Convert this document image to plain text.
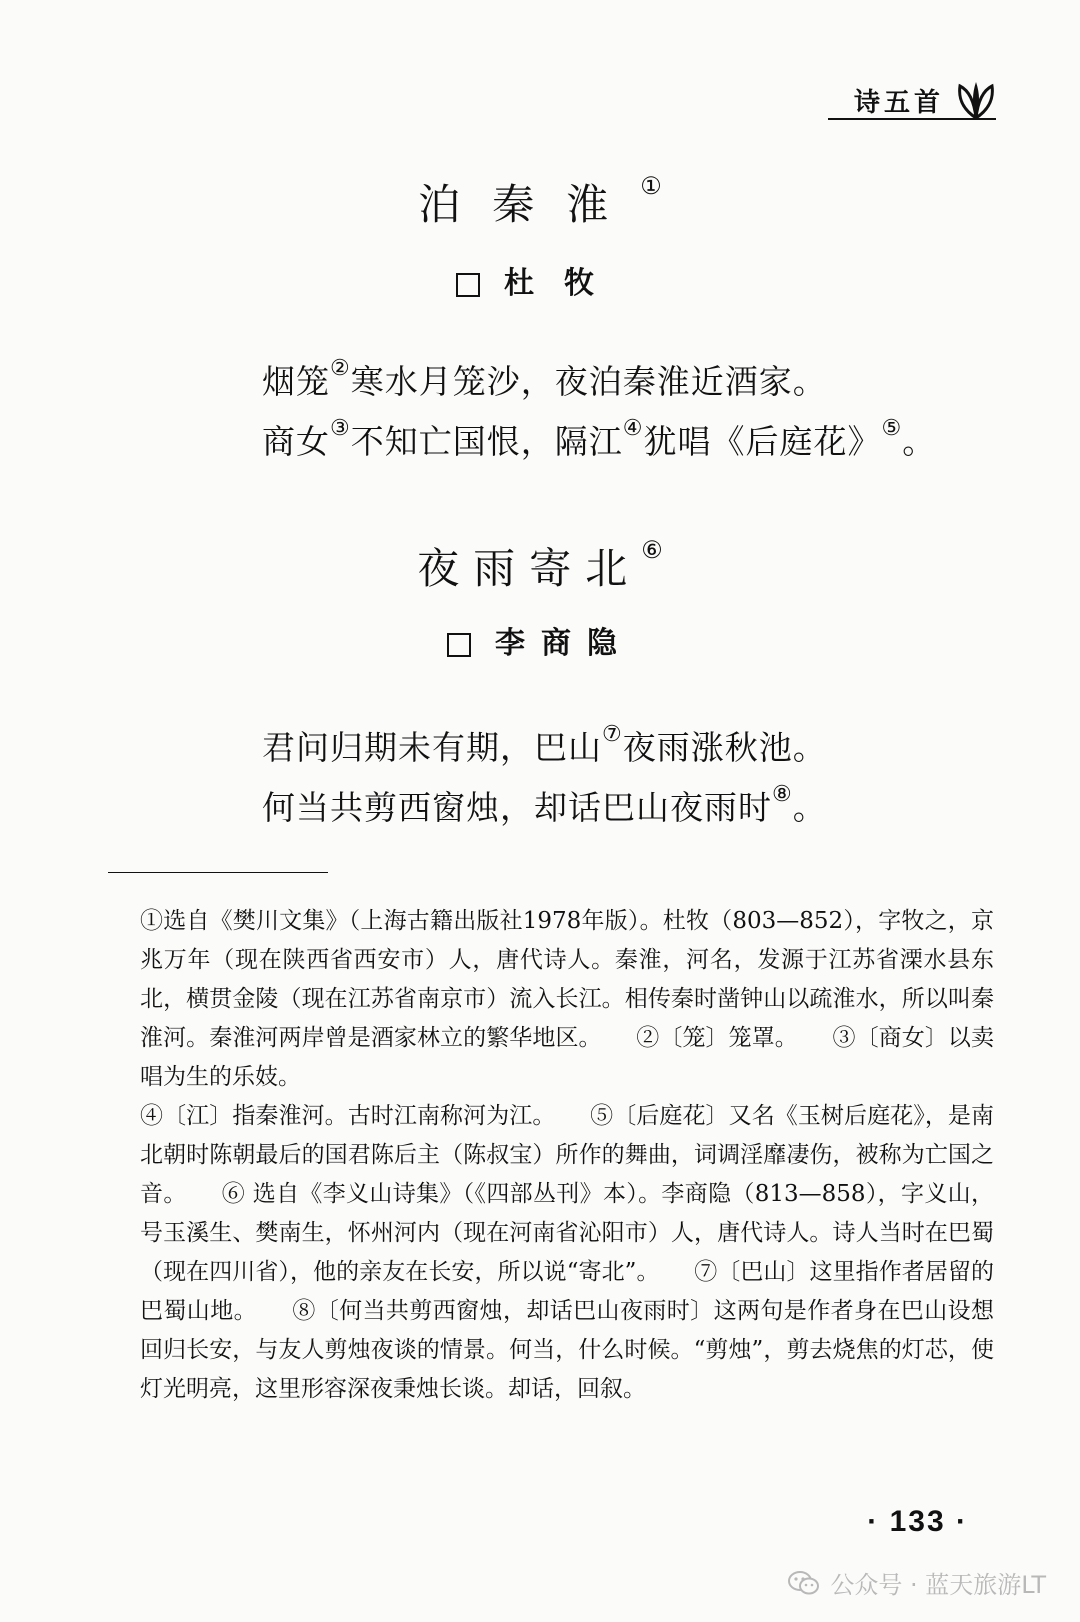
诗五首
泊秦淮①
杜牧
烟笼②寒水月笼沙，夜泊秦淮近酒家。
商女③不知亡国恨，隔江④犹唱《后庭花》⑤。
夜雨寄北⑥
李商隐
君问归期未有期，巴山⑦夜雨涨秋池。
何当共剪西窗烛，却话巴山夜雨时⑧。

①选自《樊川文集》（上海古籍出版社1978年版）。杜牧（803—852），字牧之，京兆万年（现在陕西省西安市）人，唐代诗人。秦淮，河名，发源于江苏省溧水县东北，横贯金陵（现在江苏省南京市）流入长江。相传秦时凿钟山以疏淮水，所以叫秦淮河。秦淮河两岸曾是酒家林立的繁华地区。　　②〔笼〕笼罩。　　③〔商女〕以卖唱为生的乐妓。

④〔江〕指秦淮河。古时江南称河为江。　　⑤〔后庭花〕又名《玉树后庭花》，是南北朝时陈朝最后的国君陈后主（陈叔宝）所作的舞曲，词调淫靡凄伤，被称为亡国之音。　　⑥ 选自《李义山诗集》（《四部丛刊》本）。李商隐（813—858），字义山，号玉溪生、樊南生，怀州河内（现在河南省沁阳市）人，唐代诗人。诗人当时在巴蜀（现在四川省），他的亲友在长安，所以说“寄北”。　　⑦〔巴山〕这里指作者居留的巴蜀山地。　　⑧〔何当共剪西窗烛，却话巴山夜雨时〕这两句是作者身在巴山设想回归长安，与友人剪烛夜谈的情景。何当，什么时候。“剪烛”，剪去烧焦的灯芯，使灯光明亮，这里形容深夜秉烛长谈。却话，回叙。

· 133 ·
公众号 · 蓝天旅游LT
